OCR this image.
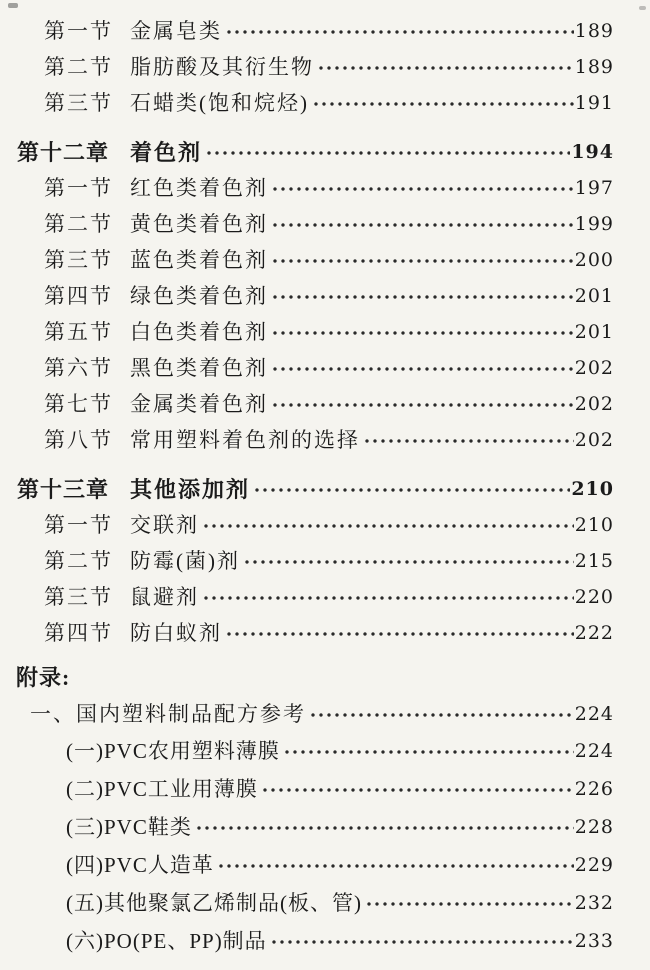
第一节 金属皂类	189
第二节 脂肪酸及其衍生物	189
第三节 石蜡类(饱和烷烃)	191
第十二章 着色剂	194
第一节 红色类着色剂	197
第二节 黄色类着色剂	199
第三节 蓝色类着色剂	200
第四节 绿色类着色剂	201
第五节 白色类着色剂	201
第六节 黑色类着色剂	202
第七节 金属类着色剂	202
第八节 常用塑料着色剂的选择	202
第十三章 其他添加剂	210
第一节 交联剂	210
第二节 防霉(菌)剂	215
第三节 鼠避剂	220
第四节 防白蚁剂	222
附录:
一、国内塑料制品配方参考	224
(一)PVC农用塑料薄膜	224
(二)PVC工业用薄膜	226
(三)PVC鞋类	228
(四)PVC人造革	229
(五)其他聚氯乙烯制品(板、管)	232
(六)PO(PE、PP)制品	233
